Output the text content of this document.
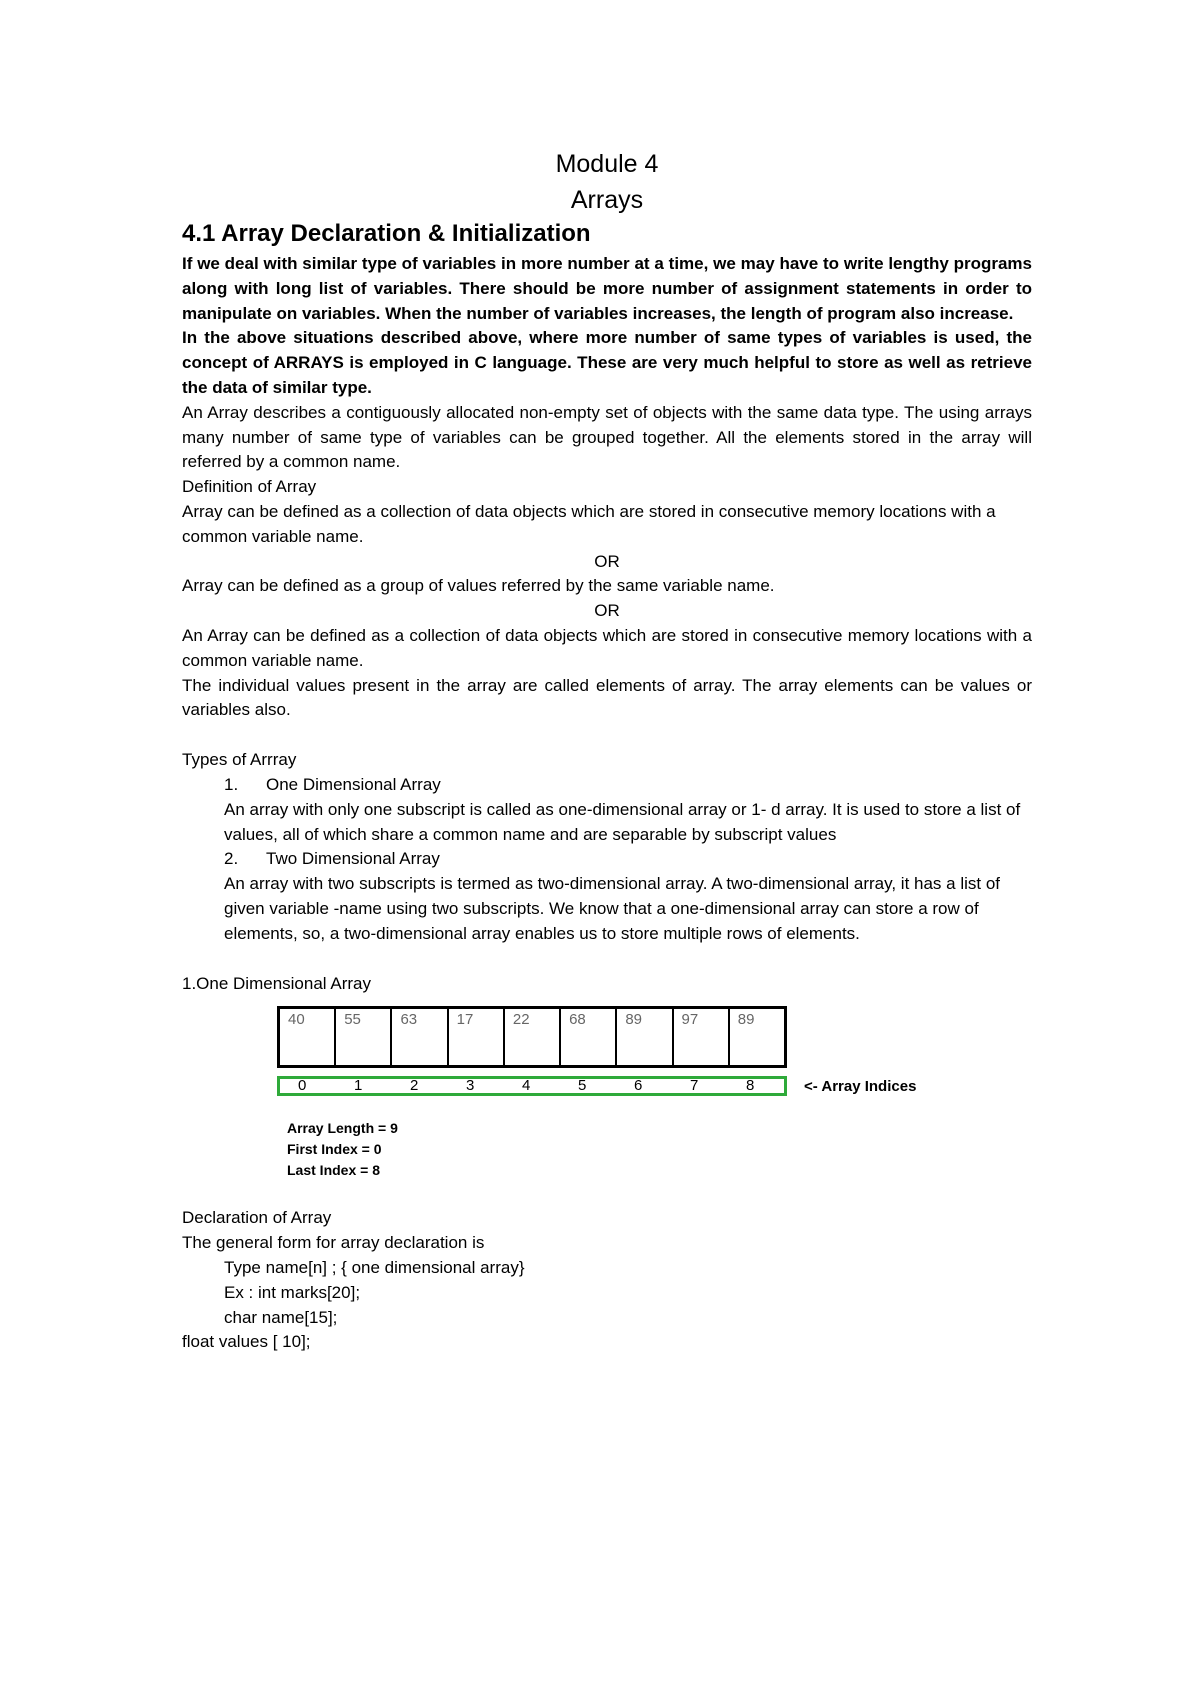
Module 4
Arrays
4.1 Array Declaration & Initialization

If we deal with similar type of variables in more number at a time, we may have to write lengthy programs along with long list of variables. There should be more number of assignment statements in order to manipulate on variables. When the number of variables increases, the length of program also increase.

In the above situations described above, where more number of same types of variables is used, the concept of ARRAYS is employed in C language. These are very much helpful to store as well as retrieve the data of similar type.

An Array describes a contiguously allocated non-empty set of objects with the same data type. The using arrays many number of same type of variables can be grouped together. All the elements stored in the array will referred by a common name.

Definition of Array

Array can be defined as a collection of data objects which are stored in consecutive memory locations with a common variable name.

OR

Array can be defined as a group of values referred by the same variable name.

OR

An Array can be defined as a collection of data objects which are stored in consecutive memory locations with a common variable name.

The individual values present in the array are called elements of array. The array elements can be values or variables also.

Types of Arrray

1.	One Dimensional Array

An array with only one subscript is called as one-dimensional array or 1- d array. It is used to store a list of values, all of which share a common name and are separable by subscript values

2.	Two Dimensional Array

An array with two subscripts is termed as two-dimensional array. A two-dimensional array, it has a list of given variable -name using two subscripts. We know that a one-dimensional array can store a row of elements, so, a two-dimensional array enables us to store multiple rows of elements.

1.One Dimensional Array

40	55	63	17	22	68	89	97	89
0	1	2	3	4	5	6	7	8	<- Array Indices
Array Length = 9
First Index = 0
Last Index = 8

Declaration of Array

The general form for array declaration is

Type name[n] ; { one dimensional array}

Ex : int marks[20];

char name[15];

float values [ 10];
